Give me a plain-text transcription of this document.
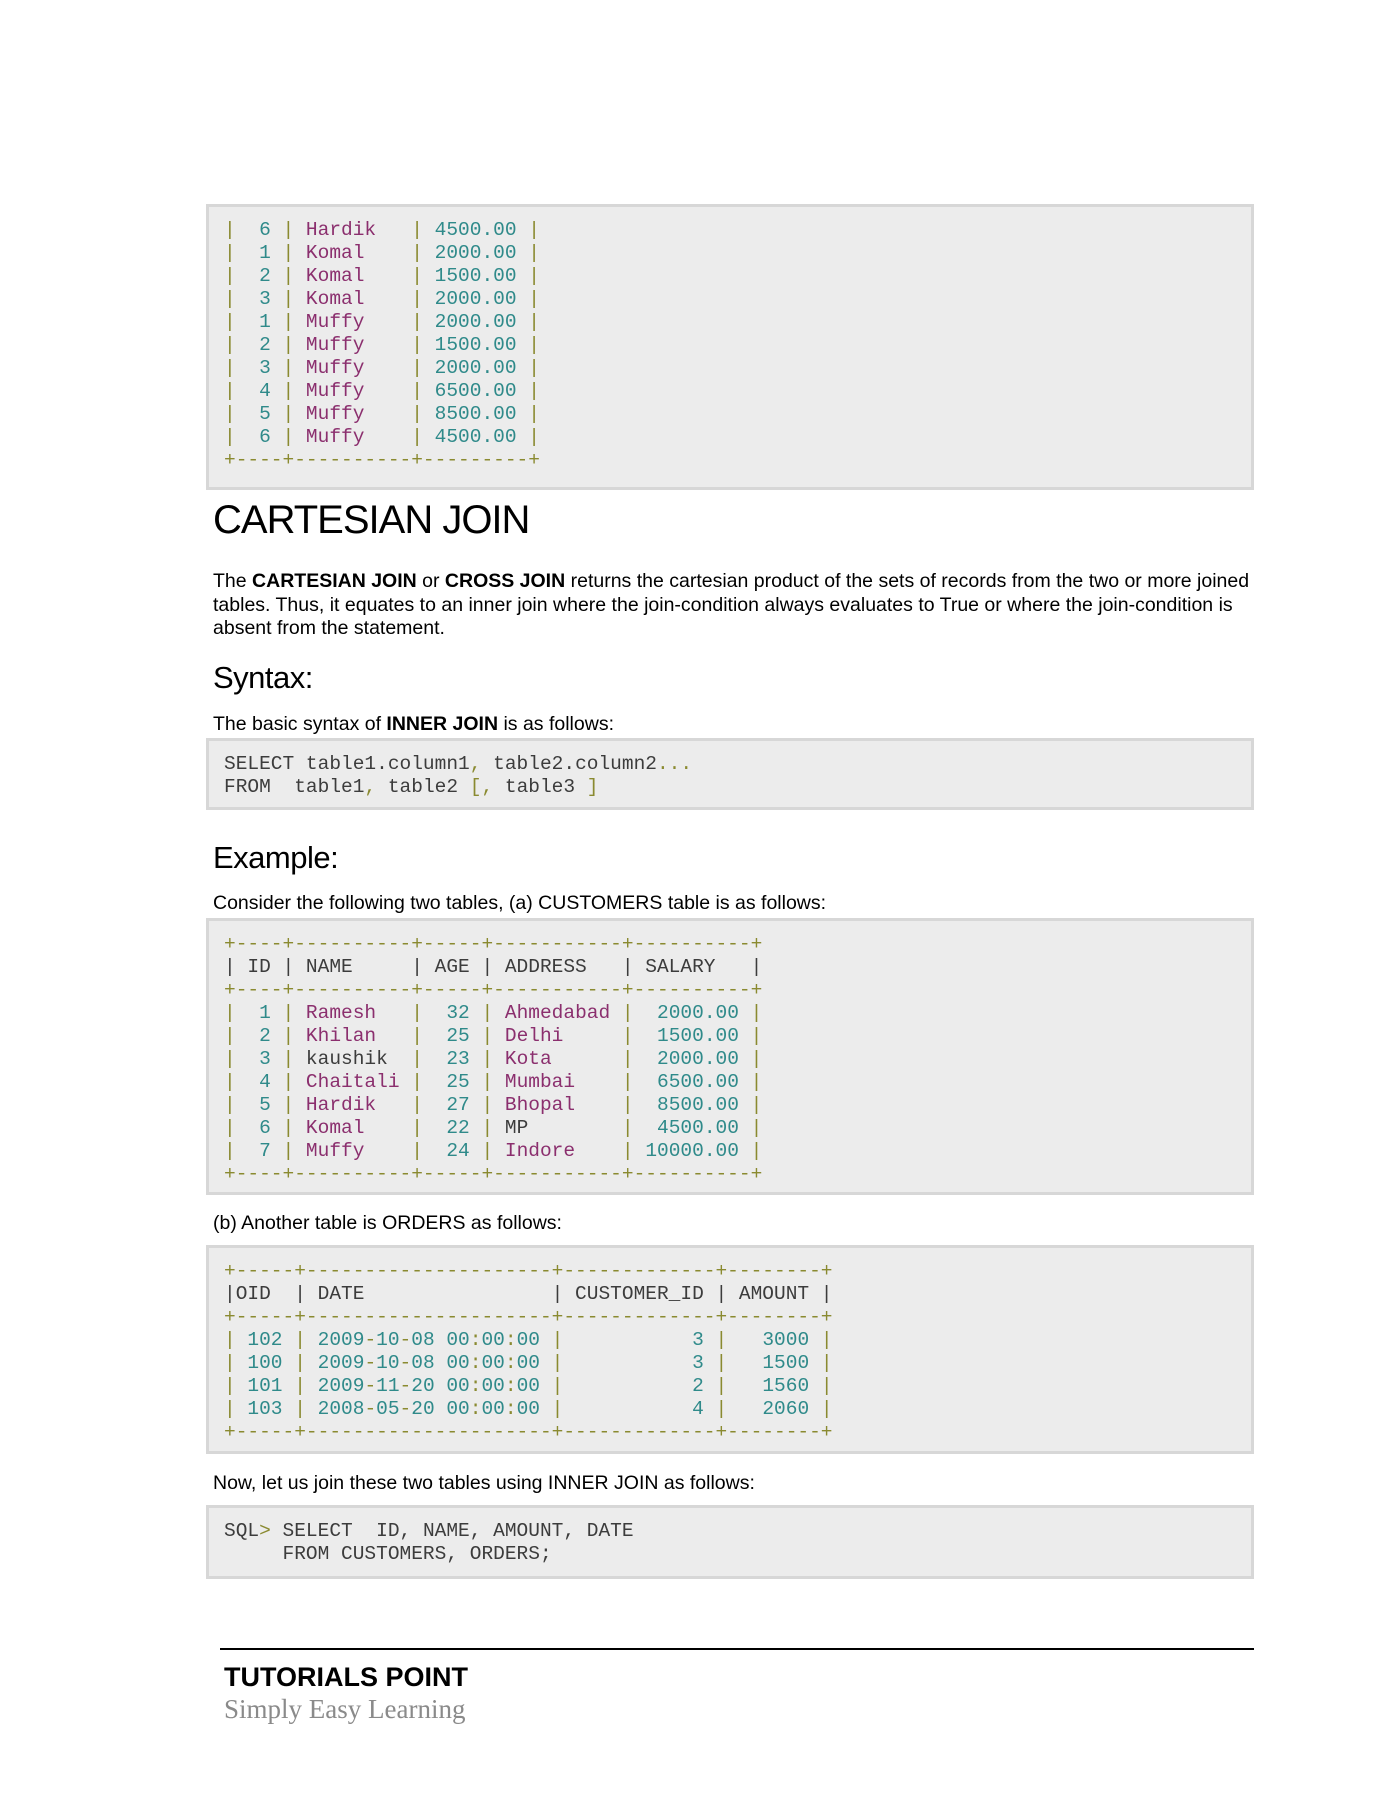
|  6 | Hardik   | 4500.00 |
|  1 | Komal    | 2000.00 |
|  2 | Komal    | 1500.00 |
|  3 | Komal    | 2000.00 |
|  1 | Muffy    | 2000.00 |
|  2 | Muffy    | 1500.00 |
|  3 | Muffy    | 2000.00 |
|  4 | Muffy    | 6500.00 |
|  5 | Muffy    | 8500.00 |
|  6 | Muffy    | 4500.00 |
+----+----------+---------+
CARTESIAN JOIN
The CARTESIAN JOIN or CROSS JOIN returns the cartesian product of the sets of records from the two or more joined tables. Thus, it equates to an inner join where the join-condition always evaluates to True or where the join-condition is absent from the statement.
Syntax:
The basic syntax of INNER JOIN is as follows:
SELECT table1.column1, table2.column2...
FROM  table1, table2 [, table3 ]
Example:
Consider the following two tables, (a) CUSTOMERS table is as follows:
+----+----------+-----+-----------+----------+
| ID | NAME     | AGE | ADDRESS   | SALARY   |
+----+----------+-----+-----------+----------+
|  1 | Ramesh   |  32 | Ahmedabad |  2000.00 |
|  2 | Khilan   |  25 | Delhi     |  1500.00 |
|  3 | kaushik  |  23 | Kota      |  2000.00 |
|  4 | Chaitali |  25 | Mumbai    |  6500.00 |
|  5 | Hardik   |  27 | Bhopal    |  8500.00 |
|  6 | Komal    |  22 | MP        |  4500.00 |
|  7 | Muffy    |  24 | Indore    | 10000.00 |
+----+----------+-----+-----------+----------+
(b) Another table is ORDERS as follows:
+-----+---------------------+-------------+--------+
|OID  | DATE                | CUSTOMER_ID | AMOUNT |
+-----+---------------------+-------------+--------+
| 102 | 2009-10-08 00:00:00 |           3 |   3000 |
| 100 | 2009-10-08 00:00:00 |           3 |   1500 |
| 101 | 2009-11-20 00:00:00 |           2 |   1560 |
| 103 | 2008-05-20 00:00:00 |           4 |   2060 |
+-----+---------------------+-------------+--------+
Now, let us join these two tables using INNER JOIN as follows:
SQL> SELECT  ID, NAME, AMOUNT, DATE
FROM CUSTOMERS, ORDERS;
TUTORIALS POINT
Simply Easy Learning
